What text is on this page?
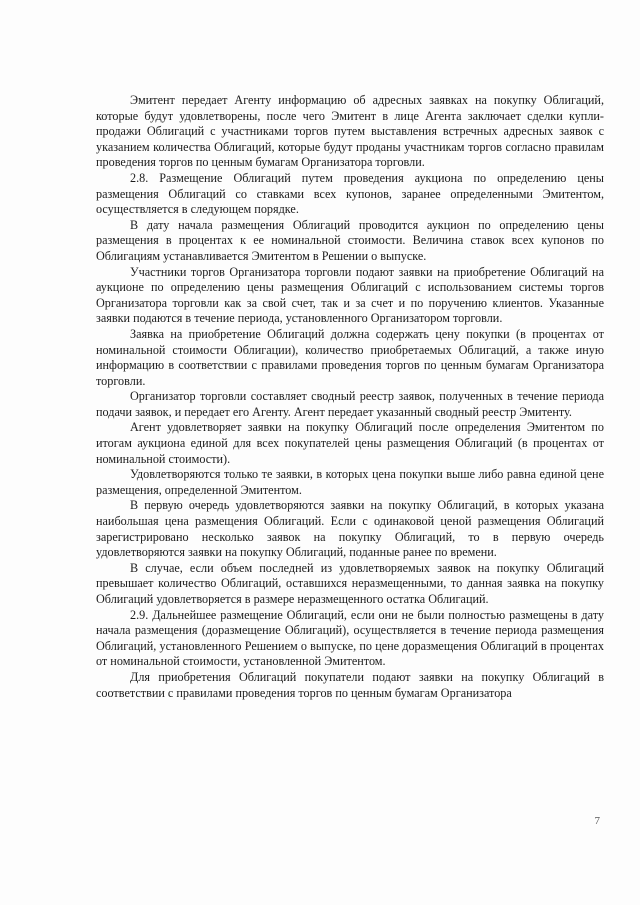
Эмитент передает Агенту информацию об адресных заявках на покупку Облигаций, которые будут удовлетворены, после чего Эмитент в лице Агента заключает сделки купли-продажи Облигаций с участниками торгов путем выставления встречных адресных заявок с указанием количества Облигаций, которые будут проданы участникам торгов согласно правилам проведения торгов по ценным бумагам Организатора торговли.

2.8. Размещение Облигаций путем проведения аукциона по определению цены размещения Облигаций со ставками всех купонов, заранее определенными Эмитентом, осуществляется в следующем порядке.

В дату начала размещения Облигаций проводится аукцион по определению цены размещения в процентах к ее номинальной стоимости. Величина ставок всех купонов по Облигациям устанавливается Эмитентом в Решении о выпуске.

Участники торгов Организатора торговли подают заявки на приобретение Облигаций на аукционе по определению цены размещения Облигаций с использованием системы торгов Организатора торговли как за свой счет, так и за счет и по поручению клиентов. Указанные заявки подаются в течение периода, установленного Организатором торговли.

Заявка на приобретение Облигаций должна содержать цену покупки (в процентах от номинальной стоимости Облигации), количество приобретаемых Облигаций, а также иную информацию в соответствии с правилами проведения торгов по ценным бумагам Организатора торговли.

Организатор торговли составляет сводный реестр заявок, полученных в течение периода подачи заявок, и передает его Агенту. Агент передает указанный сводный реестр Эмитенту.

Агент удовлетворяет заявки на покупку Облигаций после определения Эмитентом по итогам аукциона единой для всех покупателей цены размещения Облигаций (в процентах от номинальной стоимости).

Удовлетворяются только те заявки, в которых цена покупки выше либо равна единой цене размещения, определенной Эмитентом.

В первую очередь удовлетворяются заявки на покупку Облигаций, в которых указана наибольшая цена размещения Облигаций. Если с одинаковой ценой размещения Облигаций зарегистрировано несколько заявок на покупку Облигаций, то в первую очередь удовлетворяются заявки на покупку Облигаций, поданные ранее по времени.

В случае, если объем последней из удовлетворяемых заявок на покупку Облигаций превышает количество Облигаций, оставшихся неразмещенными, то данная заявка на покупку Облигаций удовлетворяется в размере неразмещенного остатка Облигаций.

2.9. Дальнейшее размещение Облигаций, если они не были полностью размещены в дату начала размещения (доразмещение Облигаций), осуществляется в течение периода размещения Облигаций, установленного Решением о выпуске, по цене доразмещения Облигаций в процентах от номинальной стоимости, установленной Эмитентом.

Для приобретения Облигаций покупатели подают заявки на покупку Облигаций в соответствии с правилами проведения торгов по ценным бумагам Организатора

7
